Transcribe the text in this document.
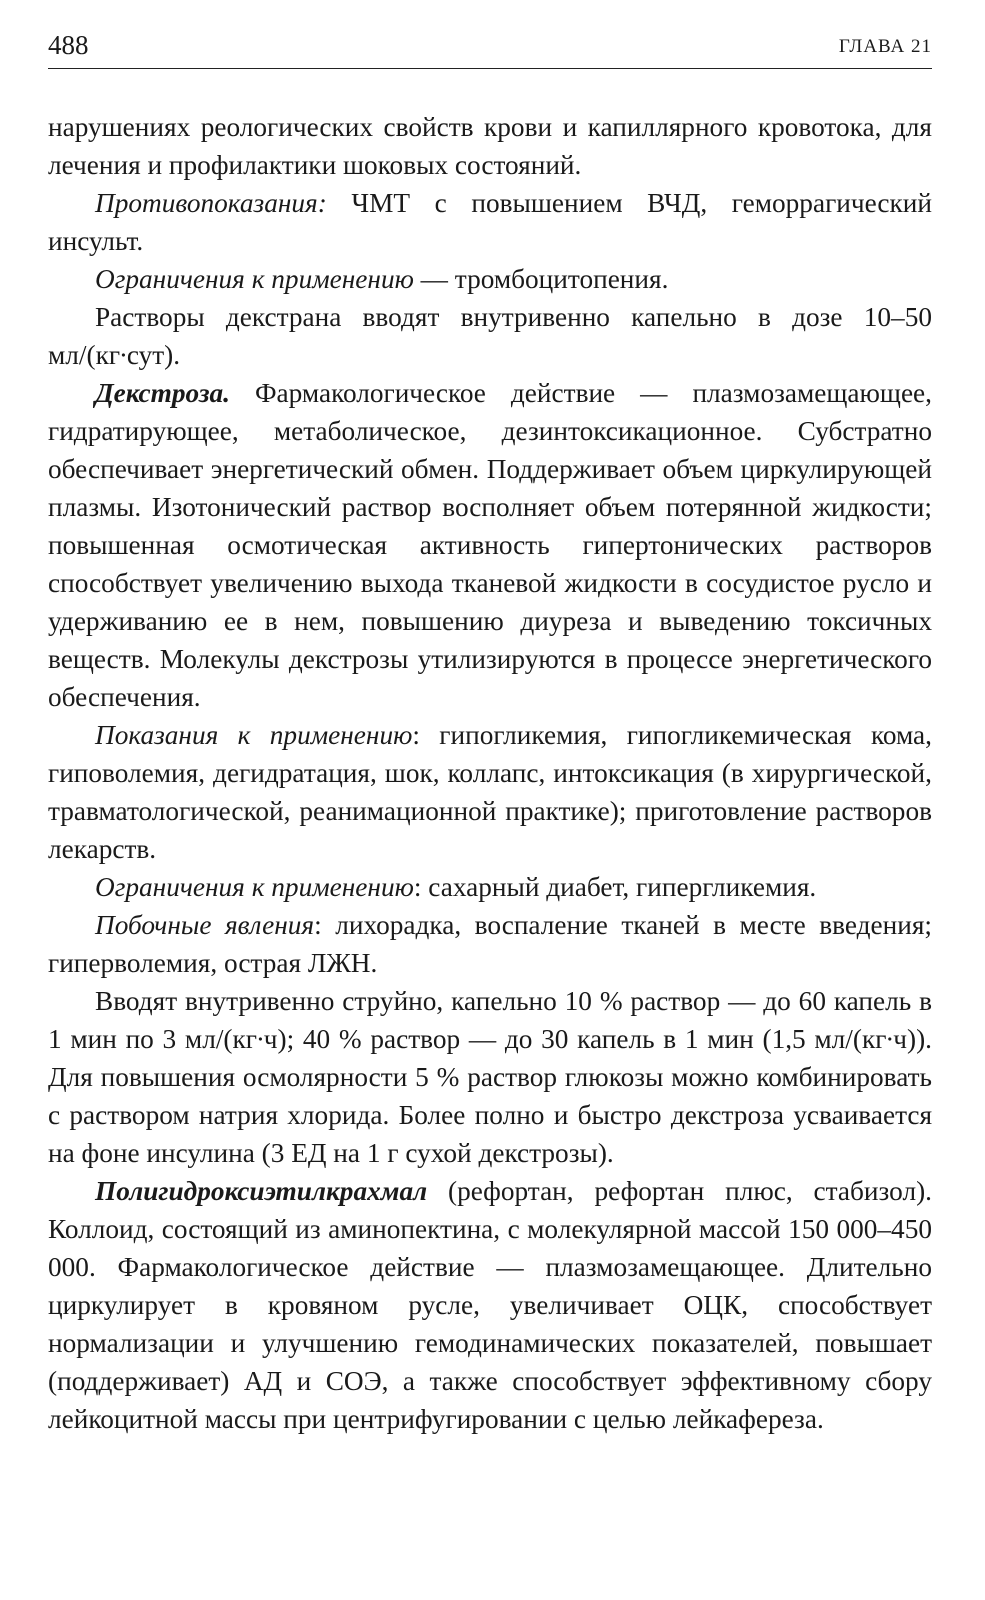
488	ГЛАВА 21

нарушениях реологических свойств крови и капиллярного кровотока, для лечения и профилактики шоковых состояний.

Противопоказания: ЧМТ с повышением ВЧД, геморрагический инсульт.

Ограничения к применению — тромбоцитопения.

Растворы декстрана вводят внутривенно капельно в дозе 10–50 мл/(кг∙сут).

Декстроза. Фармакологическое действие — плазмозамещающее, гидратирующее, метаболическое, дезинтоксикационное. Субстратно обеспечивает энергетический обмен. Поддерживает объем циркулирующей плазмы. Изотонический раствор восполняет объем потерянной жидкости; повышенная осмотическая активность гипертонических растворов способствует увеличению выхода тканевой жидкости в сосудистое русло и удерживанию ее в нем, повышению диуреза и выведению токсичных веществ. Молекулы декстрозы утилизируются в процессе энергетического обеспечения.

Показания к применению: гипогликемия, гипогликемическая кома, гиповолемия, дегидратация, шок, коллапс, интоксикация (в хирургической, травматологической, реанимационной практике); приготовление растворов лекарств.

Ограничения к применению: сахарный диабет, гипергликемия.

Побочные явления: лихорадка, воспаление тканей в месте введения; гиперволемия, острая ЛЖН.

Вводят внутривенно струйно, капельно 10 % раствор — до 60 капель в 1 мин по 3 мл/(кг∙ч); 40 % раствор — до 30 капель в 1 мин (1,5 мл/(кг∙ч)). Для повышения осмолярности 5 % раствор глюкозы можно комбинировать с раствором натрия хлорида. Более полно и быстро декстроза усваивается на фоне инсулина (3 ЕД на 1 г сухой декстрозы).

Полигидроксиэтилкрахмал (рефортан, рефортан плюс, стабизол). Коллоид, состоящий из аминопектина, с молекулярной массой 150 000–450 000. Фармакологическое действие — плазмозамещающее. Длительно циркулирует в кровяном русле, увеличивает ОЦК, способствует нормализации и улучшению гемодинамических показателей, повышает (поддерживает) АД и СОЭ, а также способствует эффективному сбору лейкоцитной массы при центрифугировании с целью лейкафереза.
